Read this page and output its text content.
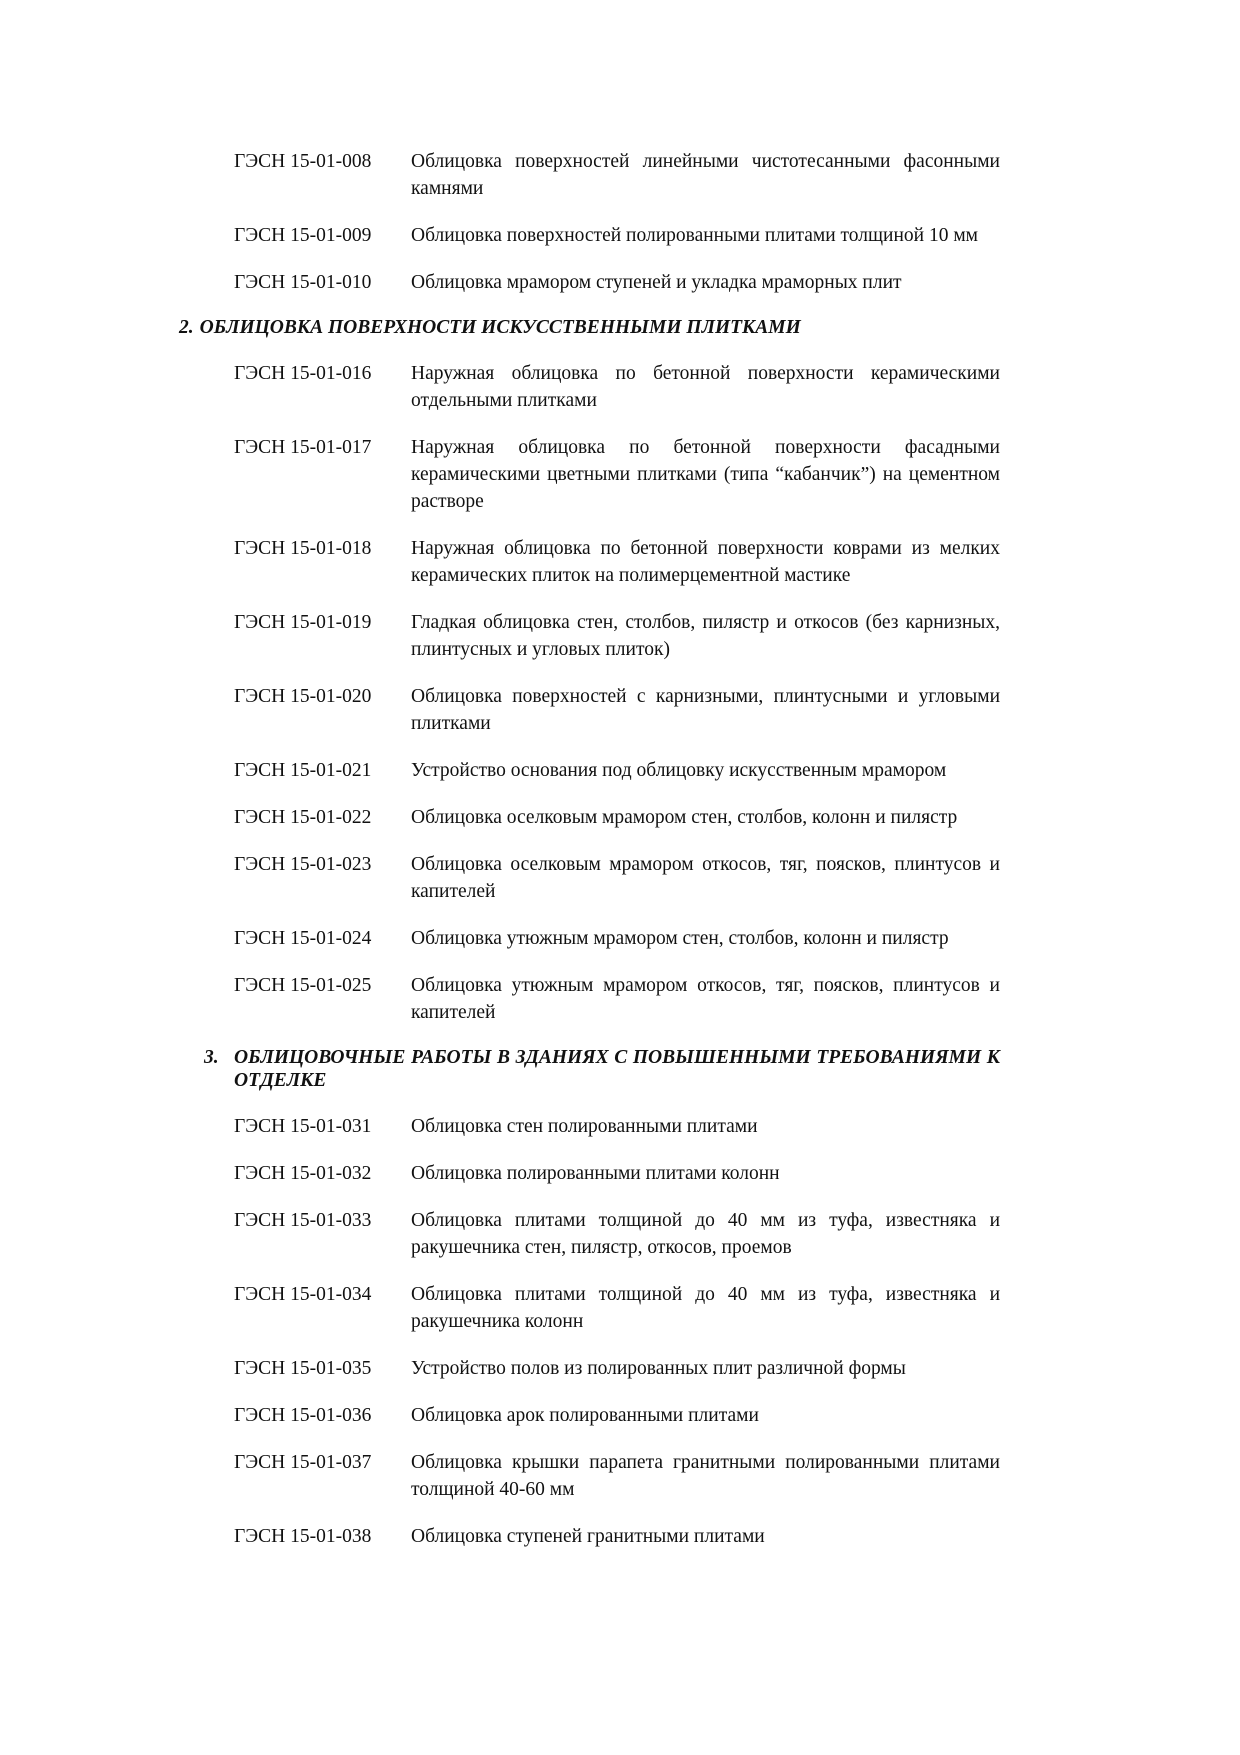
ГЭСН 15-01-008	Облицовка поверхностей линейными чистотесанными фасонными камнями
ГЭСН 15-01-009	Облицовка поверхностей полированными плитами толщиной 10 мм
ГЭСН 15-01-010	Облицовка мрамором ступеней и укладка мраморных плит
2. ОБЛИЦОВКА ПОВЕРХНОСТИ ИСКУССТВЕННЫМИ ПЛИТКАМИ
ГЭСН 15-01-016	Наружная облицовка по бетонной поверхности керамическими отдельными плитками
ГЭСН 15-01-017	Наружная облицовка по бетонной поверхности фасадными керамическими цветными плитками (типа “кабанчик”) на цементном растворе
ГЭСН 15-01-018	Наружная облицовка по бетонной поверхности коврами из мелких керамических плиток на полимерцементной мастике
ГЭСН 15-01-019	Гладкая облицовка стен, столбов, пилястр и откосов (без карнизных, плинтусных и угловых плиток)
ГЭСН 15-01-020	Облицовка поверхностей с карнизными, плинтусными и угловыми плитками
ГЭСН 15-01-021	Устройство основания под облицовку искусственным мрамором
ГЭСН 15-01-022	Облицовка оселковым мрамором стен, столбов, колонн и пилястр
ГЭСН 15-01-023	Облицовка оселковым мрамором откосов, тяг, поясков, плинтусов и капителей
ГЭСН 15-01-024	Облицовка утюжным мрамором стен, столбов, колонн и пилястр
ГЭСН 15-01-025	Облицовка утюжным мрамором откосов, тяг, поясков, плинтусов и капителей
3. ОБЛИЦОВОЧНЫЕ РАБОТЫ В ЗДАНИЯХ С ПОВЫШЕННЫМИ ТРЕБОВАНИЯМИ К ОТДЕЛКЕ
ГЭСН 15-01-031	Облицовка стен полированными плитами
ГЭСН 15-01-032	Облицовка полированными плитами колонн
ГЭСН 15-01-033	Облицовка плитами толщиной до 40 мм из туфа, известняка и ракушечника стен, пилястр, откосов, проемов
ГЭСН 15-01-034	Облицовка плитами толщиной до 40 мм из туфа, известняка и ракушечника колонн
ГЭСН 15-01-035	Устройство полов из полированных плит различной формы
ГЭСН 15-01-036	Облицовка арок полированными плитами
ГЭСН 15-01-037	Облицовка крышки парапета гранитными полированными плитами толщиной 40-60 мм
ГЭСН 15-01-038	Облицовка ступеней гранитными плитами
